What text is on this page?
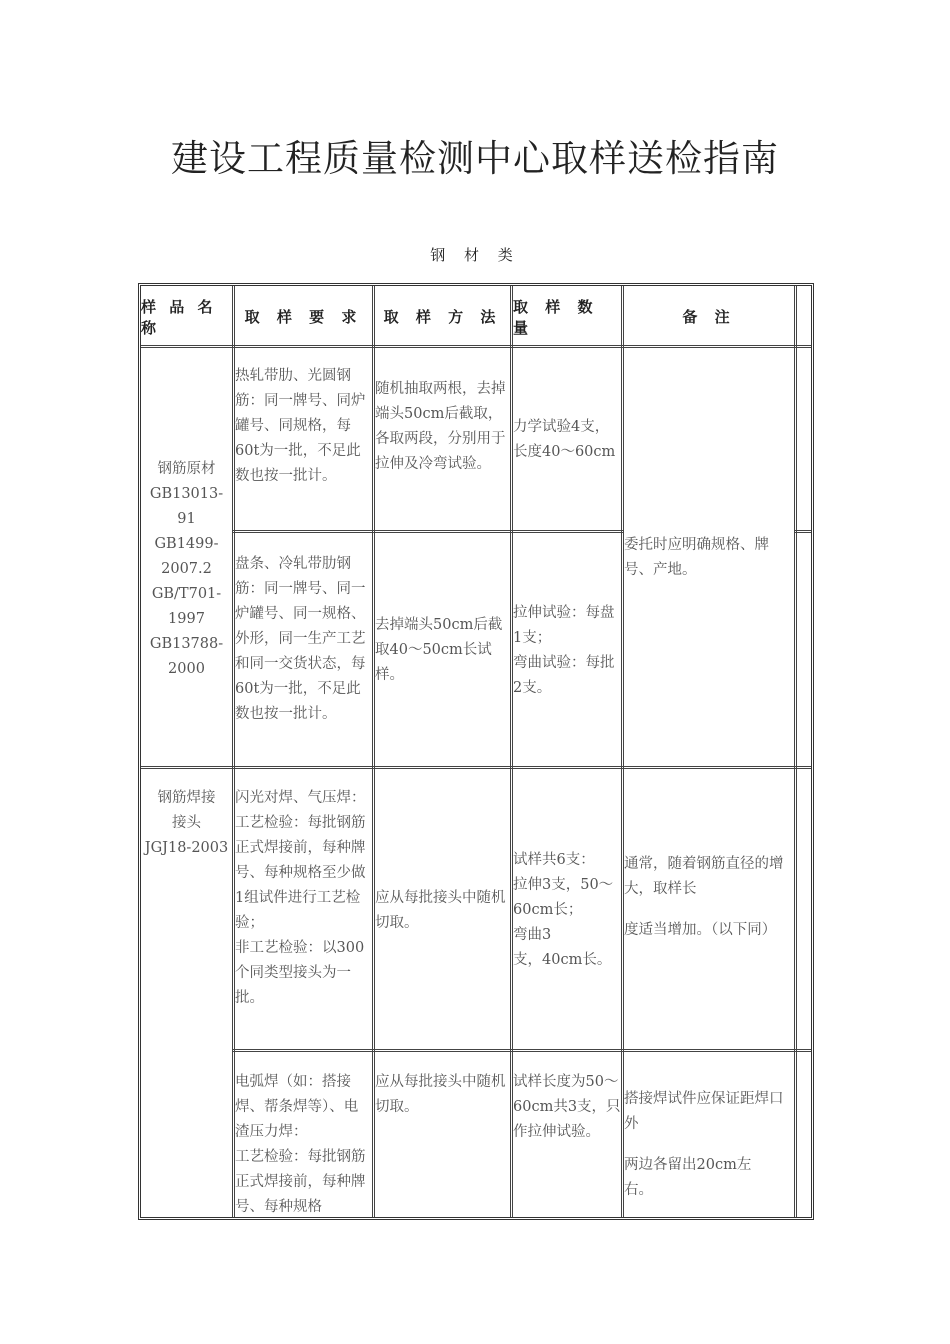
建设工程质量检测中心取样送检指南
钢 材 类
样 品 名 称
取 样 要 求	取 样 方 法
取 样 数 量
备 注
钢筋原材
GB13013-91
GB1499-
2007.2
GB/T701-
1997
GB13788-
2000
热轧带肋、光圆钢筋：同一牌号、同炉罐号、同规格，每60t为一批，不足此数也按一批计。
随机抽取两根，去掉端头50cm后截取，各取两段，分别用于拉伸及冷弯试验。
力学试验4支，长度40～60cm
盘条、冷轧带肋钢筋：同一牌号、同一炉罐号、同一规格、外形，同一生产工艺和同一交货状态，每60t为一批，不足此数也按一批计。
去掉端头50cm后截取40～50cm长试样。
拉伸试验：每盘1支；
弯曲试验：每批2支。
委托时应明确规格、牌号、产地。
钢筋焊接
接头
JGJ18-2003
闪光对焊、气压焊：
工艺检验：每批钢筋正式焊接前，每种牌号、每种规格至少做1组试件进行工艺检验；
非工艺检验：以300个同类型接头为一批。
应从每批接头中随机切取。
试样共6支：
拉伸3支，50～60cm长；
弯曲3
支，40cm长。
通常，随着钢筋直径的增大，取样长
度适当增加。（以下同）
电弧焊（如：搭接焊、帮条焊等）、电渣压力焊：
工艺检验：每批钢筋正式焊接前，每种牌号、每种规格
应从每批接头中随机切取。
试样长度为50～60cm共3支，只作拉伸试验。
搭接焊试件应保证距焊口外
两边各留出20cm左右。
